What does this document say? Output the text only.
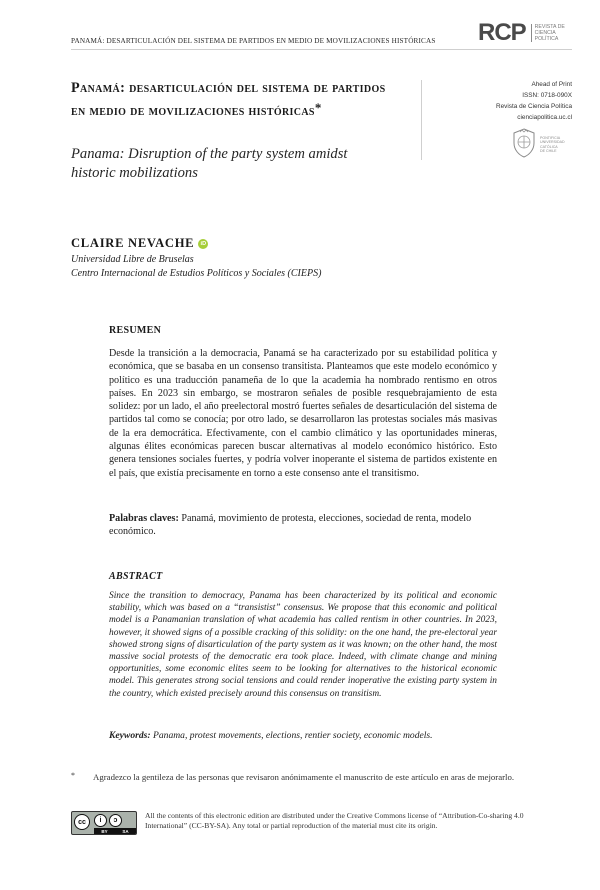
PANAMÁ: DESARTICULACIÓN DEL SISTEMA DE PARTIDOS EN MEDIO DE MOVILIZACIONES HISTÓRICAS RCP	REVISTA DE
CIENCIA
POLÍTICA
Panamá: desarticulación del sistema de partidos en medio de movilizaciones históricas*
Panama: Disruption of the party system amidst historic mobilizations
Ahead of Print
ISSN: 0718-090X
Revista de Ciencia Política
cienciapolitica.uc.cl
PONTIFICIA
UNIVERSIDAD
CATÓLICA
DE CHILE
CLAIRE NEVACHE	iD
Universidad Libre de Bruselas
Centro Internacional de Estudios Políticos y Sociales (CIEPS)
RESUMEN
Desde la transición a la democracia, Panamá se ha caracterizado por su estabilidad política y económica, que se basaba en un consenso transitista. Planteamos que este modelo económico y político es una traducción panameña de lo que la academia ha nombrado rentismo en otros países. En 2023 sin embargo, se mostraron señales de posible resquebrajamiento de esta solidez: por un lado, el año preelectoral mostró fuertes señales de desarticulación del sistema de partidos tal como se conocía; por otro lado, se desarrollaron las protestas sociales más masivas de la era democrática. Efectivamente, con el cambio climático y las oportunidades mineras, algunas élites económicas parecen buscar alternativas al modelo económico histórico. Esto genera tensiones sociales fuertes, y podría volver inoperante el sistema de partidos existente en el país, que existía precisamente en torno a este consenso ante el transitismo.
Palabras claves: Panamá, movimiento de protesta, elecciones, sociedad de renta, modelo económico.
ABSTRACT
Since the transition to democracy, Panama has been characterized by its political and economic stability, which was based on a “transistist” consensus. We propose that this economic and political model is a Panamanian translation of what academia has called rentism in other countries. In 2023, however, it showed signs of a possible cracking of this solidity: on the one hand, the pre-electoral year showed strong signs of disarticulation of the party system as it was known; on the other hand, the most massive social protests of the democratic era took place. Indeed, with climate change and mining opportunities, some economic elites seem to be looking for alternatives to the historical economic model. This generates strong social tensions and could render inoperative the existing party system in the country, which existed precisely around this consensus on transitism.
Keywords: Panama, protest movements, elections, rentier society, economic models.
* Agradezco la gentileza de las personas que revisaron anónimamente el manuscrito de este artículo en aras de mejorarlo.
cc	i	ↄ
BY	SA
All the contents of this electronic edition are distributed under the Creative Commons license of “Attribution-Co-sharing 4.0 International” (CC-BY-SA). Any total or partial reproduction of the material must cite its origin.
